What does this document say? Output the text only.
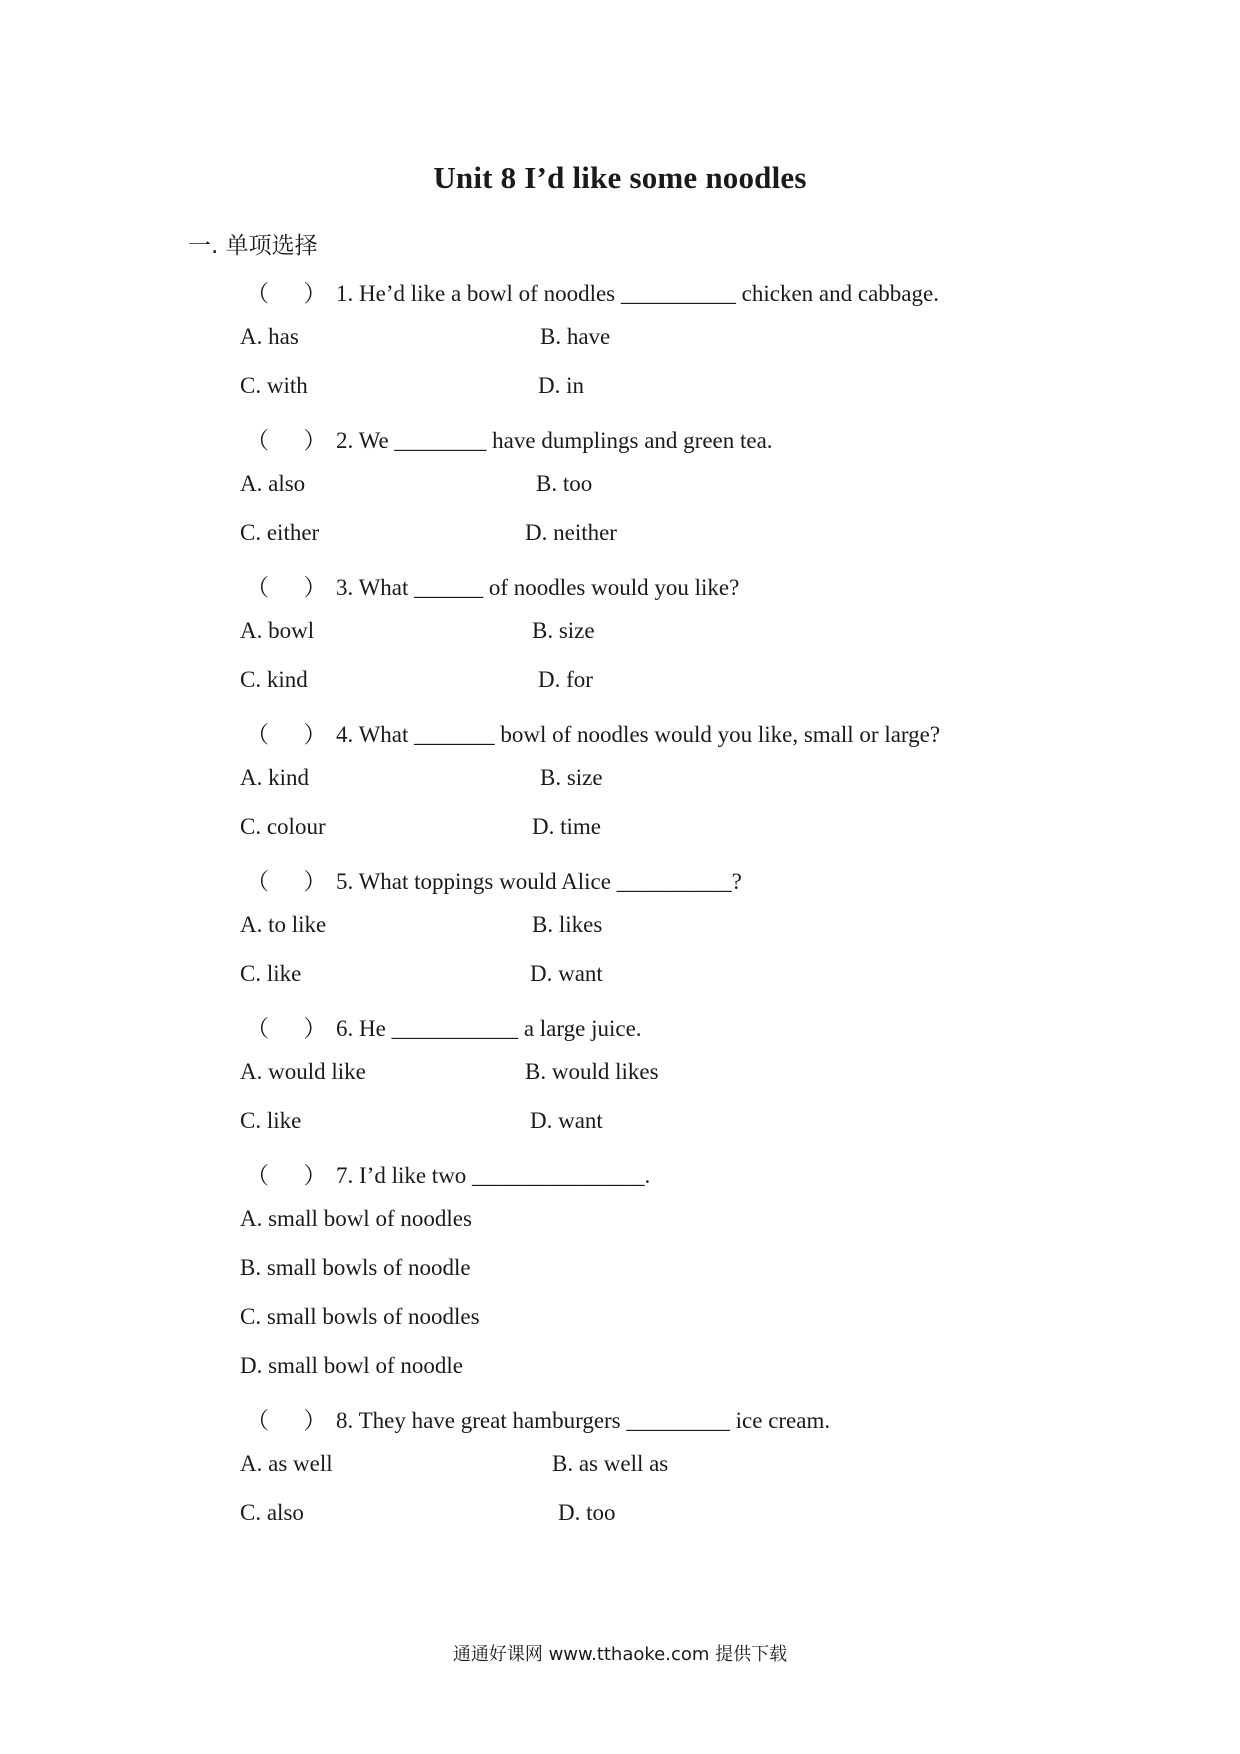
Unit 8 I’d like some noodles
一. 单项选择
（      ） 1. He’d like a bowl of noodles __________ chicken and cabbage.
A. has	B. have
C. with	D. in
（      ） 2. We ________ have dumplings and green tea.
A. also	B. too
C. either	D. neither
（      ） 3. What ______ of noodles would you like?
A. bowl	B. size
C. kind	D. for
（      ） 4. What _______ bowl of noodles would you like, small or large?
A. kind	B. size
C. colour	D. time
（      ） 5. What toppings would Alice __________?
A. to like	B. likes
C. like	D. want
（      ） 6. He ___________ a large juice.
A. would like	B. would likes
C. like	D. want
（      ） 7. I’d like two _______________.
A. small bowl of noodles
B. small bowls of noodle
C. small bowls of noodles
D. small bowl of noodle
（      ） 8. They have great hamburgers _________ ice cream.
A. as well	B. as well as
C. also	D. too
通通好课网 www.tthaoke.com 提供下载
